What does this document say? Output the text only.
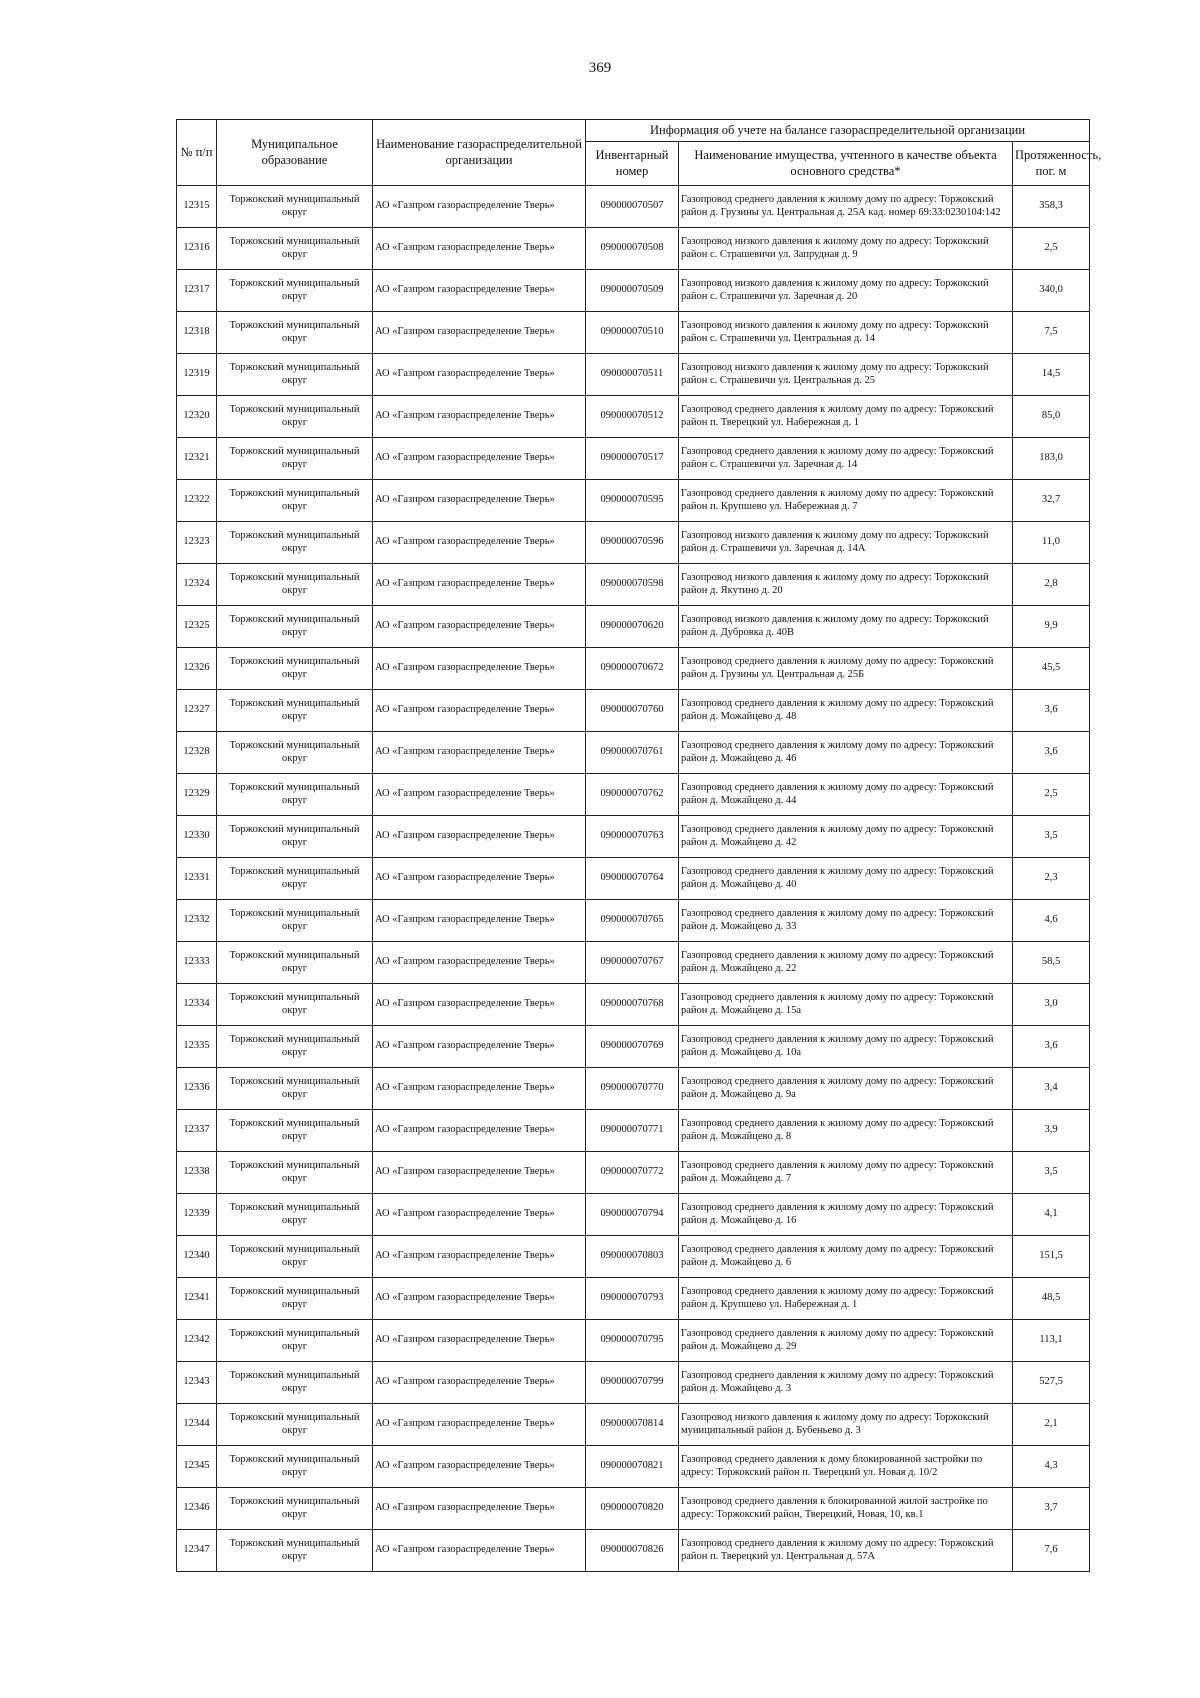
369
№ п/п	Муниципальное образование	Наименование газораспределительной организации	Информация об учете на балансе газораспределительной организации		
			Инвентарный номер	Наименование имущества, учтенного в качестве объекта основного средства*	Протяженность, пог. м
12315	Торжокский муниципальный округ	АО «Газпром газораспределение Тверь»	090000070507	Газопровод среднего давления к жилому дому по адресу: Торжокский район д. Грузины ул. Центральная д. 25А кад. номер 69:33:0230104:142	358,3
12316	Торжокский муниципальный округ	АО «Газпром газораспределение Тверь»	090000070508	Газопровод низкого давления к жилому дому по адресу: Торжокский район с. Страшевичи ул. Запрудная д. 9	2,5
12317	Торжокский муниципальный округ	АО «Газпром газораспределение Тверь»	090000070509	Газопровод низкого давления к жилому дому по адресу: Торжокский район с. Страшевичи ул. Заречная д. 20	340,0
12318	Торжокский муниципальный округ	АО «Газпром газораспределение Тверь»	090000070510	Газопровод низкого давления к жилому дому по адресу: Торжокский район с. Страшевичи ул. Центральная д. 14	7,5
12319	Торжокский муниципальный округ	АО «Газпром газораспределение Тверь»	090000070511	Газопровод низкого давления к жилому дому по адресу: Торжокский район с. Страшевичи ул. Центральная д. 25	14,5
12320	Торжокский муниципальный округ	АО «Газпром газораспределение Тверь»	090000070512	Газопровод среднего давления к жилому дому по адресу: Торжокский район п. Тверецкий ул. Набережная д. 1	85,0
12321	Торжокский муниципальный округ	АО «Газпром газораспределение Тверь»	090000070517	Газопровод среднего давления к жилому дому по адресу: Торжокский район с. Страшевичи ул. Заречная д. 14	183,0
12322	Торжокский муниципальный округ	АО «Газпром газораспределение Тверь»	090000070595	Газопровод среднего давления к жилому дому по адресу: Торжокский район п. Крупшево ул. Набережная д. 7	32,7
12323	Торжокский муниципальный округ	АО «Газпром газораспределение Тверь»	090000070596	Газопровод низкого давления к жилому дому по адресу: Торжокский район д. Страшевичи ул. Заречная д. 14А	11,0
12324	Торжокский муниципальный округ	АО «Газпром газораспределение Тверь»	090000070598	Газопровод низкого давления к жилому дому по адресу: Торжокский район д. Якутино д. 20	2,8
12325	Торжокский муниципальный округ	АО «Газпром газораспределение Тверь»	090000070620	Газопровод низкого давления к жилому дому по адресу: Торжокский район д. Дубровка д. 40В	9,9
12326	Торжокский муниципальный округ	АО «Газпром газораспределение Тверь»	090000070672	Газопровод среднего давления к жилому дому по адресу: Торжокский район д. Грузины ул. Центральная д. 25Б	45,5
12327	Торжокский муниципальный округ	АО «Газпром газораспределение Тверь»	090000070760	Газопровод среднего давления к жилому дому по адресу: Торжокский район д. Можайцево д. 48	3,6
12328	Торжокский муниципальный округ	АО «Газпром газораспределение Тверь»	090000070761	Газопровод среднего давления к жилому дому по адресу: Торжокский район д. Можайцево д. 46	3,6
12329	Торжокский муниципальный округ	АО «Газпром газораспределение Тверь»	090000070762	Газопровод среднего давления к жилому дому по адресу: Торжокский район д. Можайцево д. 44	2,5
12330	Торжокский муниципальный округ	АО «Газпром газораспределение Тверь»	090000070763	Газопровод среднего давления к жилому дому по адресу: Торжокский район д. Можайцево д. 42	3,5
12331	Торжокский муниципальный округ	АО «Газпром газораспределение Тверь»	090000070764	Газопровод среднего давления к жилому дому по адресу: Торжокский район д. Можайцево д. 40	2,3
12332	Торжокский муниципальный округ	АО «Газпром газораспределение Тверь»	090000070765	Газопровод среднего давления к жилому дому по адресу: Торжокский район д. Можайцево д. 33	4,6
12333	Торжокский муниципальный округ	АО «Газпром газораспределение Тверь»	090000070767	Газопровод среднего давления к жилому дому по адресу: Торжокский район д. Можайцево д. 22	58,5
12334	Торжокский муниципальный округ	АО «Газпром газораспределение Тверь»	090000070768	Газопровод среднего давления к жилому дому по адресу: Торжокский район д. Можайцево д. 15а	3,0
12335	Торжокский муниципальный округ	АО «Газпром газораспределение Тверь»	090000070769	Газопровод среднего давления к жилому дому по адресу: Торжокский район д. Можайцево д. 10а	3,6
12336	Торжокский муниципальный округ	АО «Газпром газораспределение Тверь»	090000070770	Газопровод среднего давления к жилому дому по адресу: Торжокский район д. Можайцево д. 9а	3,4
12337	Торжокский муниципальный округ	АО «Газпром газораспределение Тверь»	090000070771	Газопровод среднего давления к жилому дому по адресу: Торжокский район д. Можайцево д. 8	3,9
12338	Торжокский муниципальный округ	АО «Газпром газораспределение Тверь»	090000070772	Газопровод среднего давления к жилому дому по адресу: Торжокский район д. Можайцево д. 7	3,5
12339	Торжокский муниципальный округ	АО «Газпром газораспределение Тверь»	090000070794	Газопровод среднего давления к жилому дому по адресу: Торжокский район д. Можайцево д. 16	4,1
12340	Торжокский муниципальный округ	АО «Газпром газораспределение Тверь»	090000070803	Газопровод среднего давления к жилому дому по адресу: Торжокский район д. Можайцево д. 6	151,5
12341	Торжокский муниципальный округ	АО «Газпром газораспределение Тверь»	090000070793	Газопровод среднего давления к жилому дому по адресу: Торжокский район д. Крупшево ул. Набережная д. 1	48,5
12342	Торжокский муниципальный округ	АО «Газпром газораспределение Тверь»	090000070795	Газопровод среднего давления к жилому дому по адресу: Торжокский район д. Можайцево д. 29	113,1
12343	Торжокский муниципальный округ	АО «Газпром газораспределение Тверь»	090000070799	Газопровод среднего давления к жилому дому по адресу: Торжокский район д. Можайцево д. 3	527,5
12344	Торжокский муниципальный округ	АО «Газпром газораспределение Тверь»	090000070814	Газопровод низкого давления к жилому дому по адресу: Торжокский муниципальный район д. Бубеньево д. 3	2,1
12345	Торжокский муниципальный округ	АО «Газпром газораспределение Тверь»	090000070821	Газопровод среднего давления к дому блокированной застройки по адресу: Торжокский район п. Тверецкий ул. Новая д. 10/2	4,3
12346	Торжокский муниципальный округ	АО «Газпром газораспределение Тверь»	090000070820	Газопровод среднего давления к блокированной жилой застройке по адресу: Торжокский район, Тверецкий, Новая, 10, кв.1	3,7
12347	Торжокский муниципальный округ	АО «Газпром газораспределение Тверь»	090000070826	Газопровод среднего давления к жилому дому по адресу: Торжокский район п. Тверецкий ул. Центральная д. 57А	7,6
